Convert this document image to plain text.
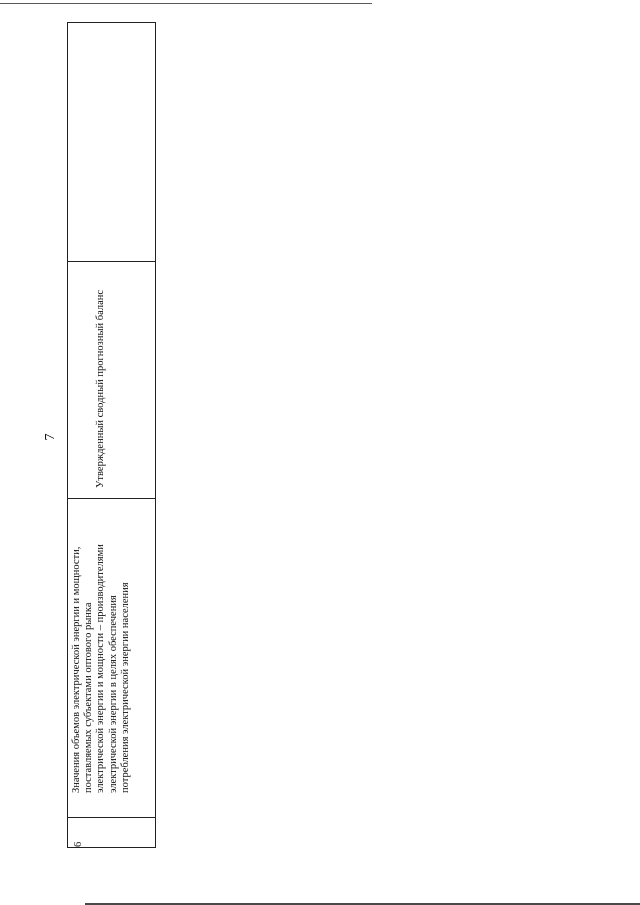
7
6
Значения объемов электрической энергии и мощности, поставляемых субъектами оптового рынка электрической энергии и мощности – производителями электрической энергии в целях обеспечения потребления электрической энергии населения
Утвержденный сводный прогнозный баланс
